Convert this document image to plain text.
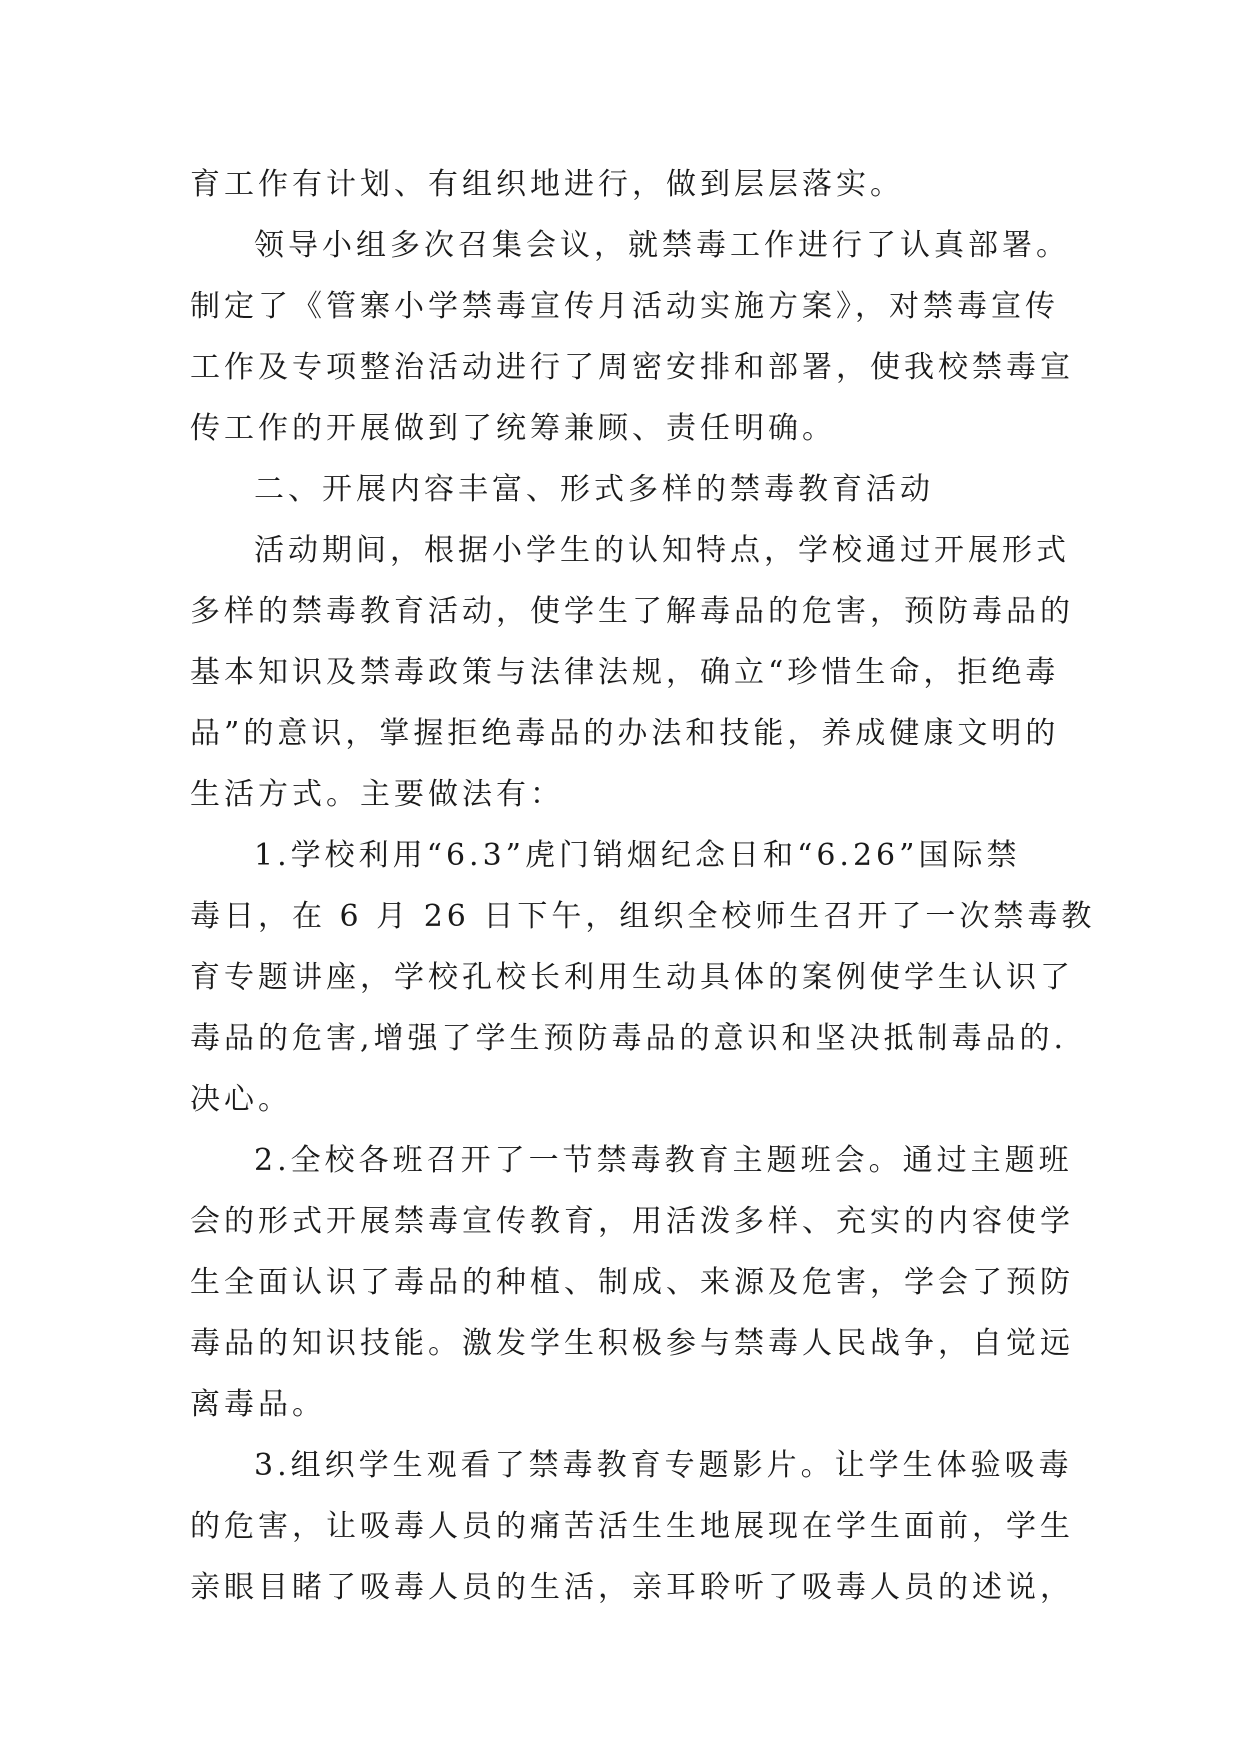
育工作有计划、有组织地进行，做到层层落实。
领导小组多次召集会议，就禁毒工作进行了认真部署。
制定了《管寨小学禁毒宣传月活动实施方案》，对禁毒宣传
工作及专项整治活动进行了周密安排和部署，使我校禁毒宣
传工作的开展做到了统筹兼顾、责任明确。
二、开展内容丰富、形式多样的禁毒教育活动
活动期间，根据小学生的认知特点，学校通过开展形式
多样的禁毒教育活动，使学生了解毒品的危害，预防毒品的
基本知识及禁毒政策与法律法规，确立“珍惜生命，拒绝毒
品”的意识，掌握拒绝毒品的办法和技能，养成健康文明的
生活方式。主要做法有：
1.学校利用“6.3”虎门销烟纪念日和“6.26”国际禁
毒日，在 6 月 26 日下午，组织全校师生召开了一次禁毒教
育专题讲座，学校孔校长利用生动具体的案例使学生认识了
毒品的危害,增强了学生预防毒品的意识和坚决抵制毒品的.
决心。
2.全校各班召开了一节禁毒教育主题班会。通过主题班
会的形式开展禁毒宣传教育，用活泼多样、充实的内容使学
生全面认识了毒品的种植、制成、来源及危害，学会了预防
毒品的知识技能。激发学生积极参与禁毒人民战争，自觉远
离毒品。
3.组织学生观看了禁毒教育专题影片。让学生体验吸毒
的危害，让吸毒人员的痛苦活生生地展现在学生面前，学生
亲眼目睹了吸毒人员的生活，亲耳聆听了吸毒人员的述说，
